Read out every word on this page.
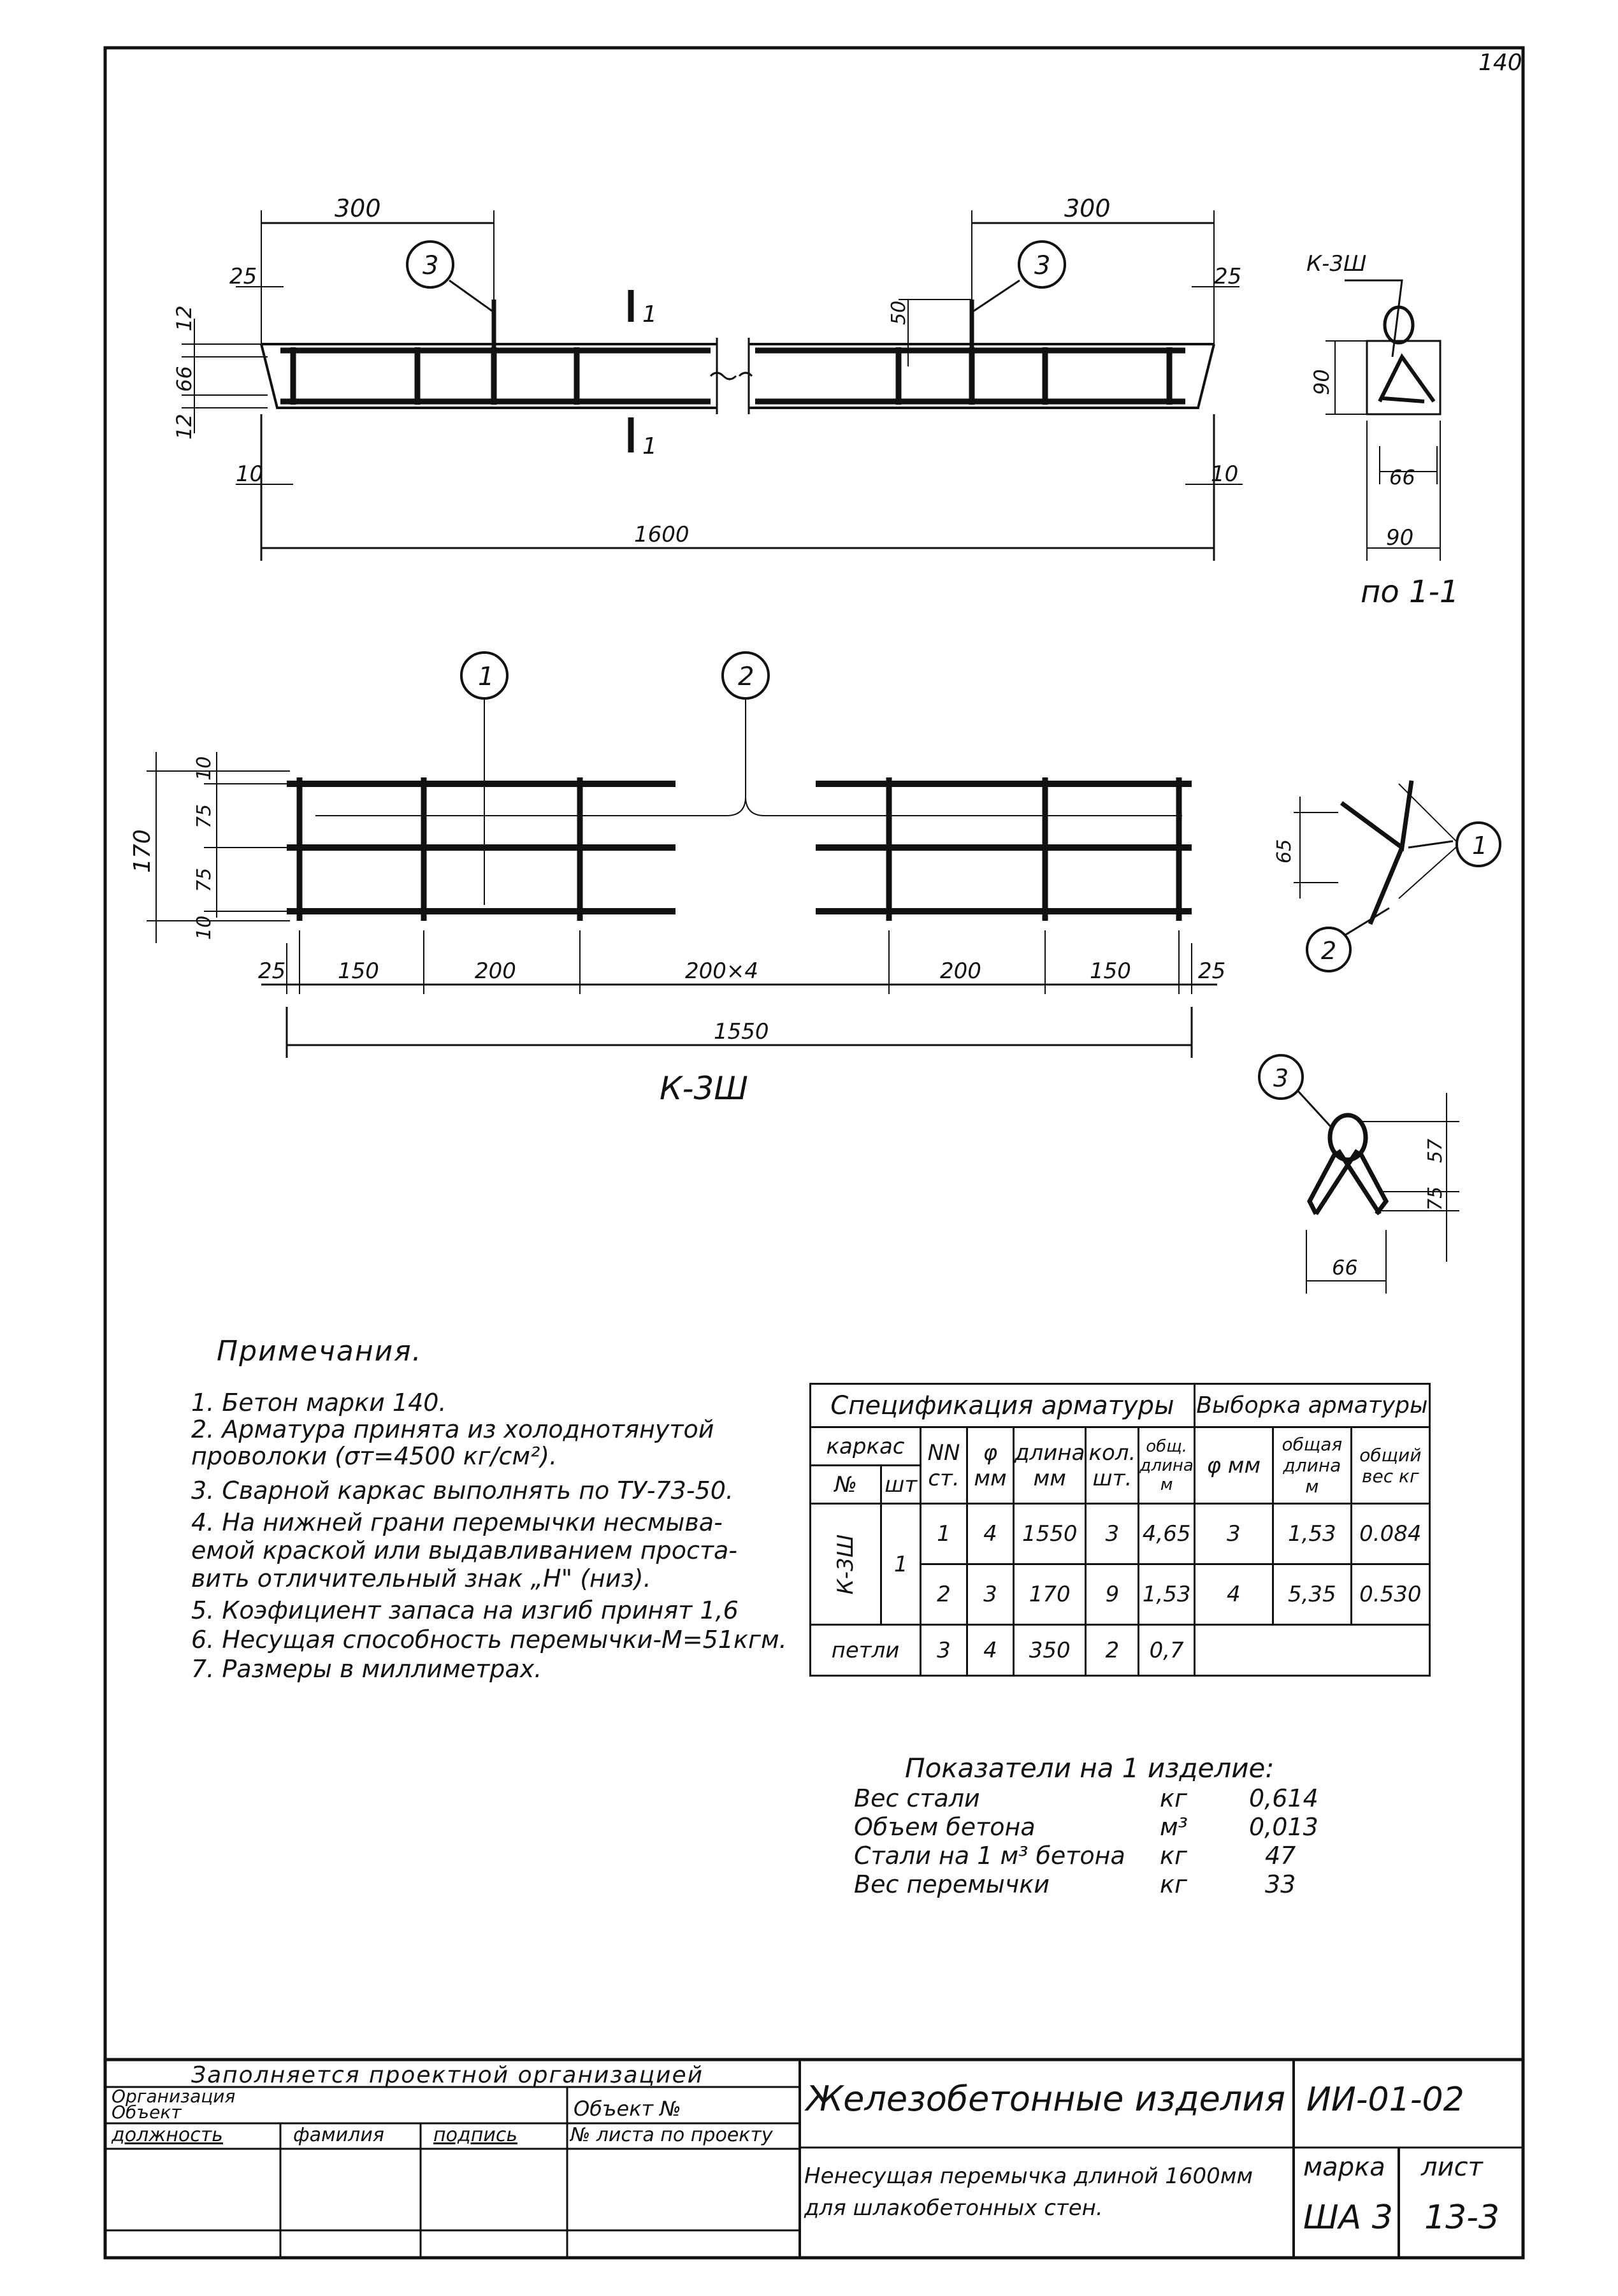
140
3	3
300	300
25	25
12
66
12
10	10
50
1600
1
1
К-3Ш
90
66
90
по 1-1
1	2
10
75
75
10
170
25 150	200	200×4	200	150	25
1550
К-3Ш
1
2
65
3
57
75
66
Примечания.
1. Бетон марки 140.
2. Арматура принята из холоднотянутой
проволоки (σт=4500 кг/см²).
3. Сварной каркас выполнять по ТУ-73-50.
4. На нижней грани перемычки несмыва-
емой краской или выдавливанием проста-
вить отличительный знак „Н" (низ).
5. Коэфициент запаса на изгиб принят 1,6
6. Несущая способность перемычки-М=51кгм.
7. Размеры в миллиметрах.
Спецификация арматуры							Выборка арматуры		
каркас		NN ст.	φ мм	длина мм	кол. шт.	общ. длина м	φ мм	общая длина м	общий вес кг
№	шт								

К-3Ш	1	1	4	1550	3	4,65	3	1,53	0.084
		2	3	170	9	1,53	4	5,35	0.530
петли		3	4	350	2	0,7			
Показатели на 1 изделие:
Вес стали	кг	0,614
Объем бетона	м³	0,013
Стали на 1 м³ бетона кг	47
Вес перемычки	кг	33
Заполняется проектной организацией
Организация
Объект	Объект №
должность	фамилия	подпись	№ листа по проекту
Железобетонные изделия ИИ-01-02
Ненесущая перемычка длиной 1600мм
для шлакобетонных стен.
марка лист
ША 3 13-3
